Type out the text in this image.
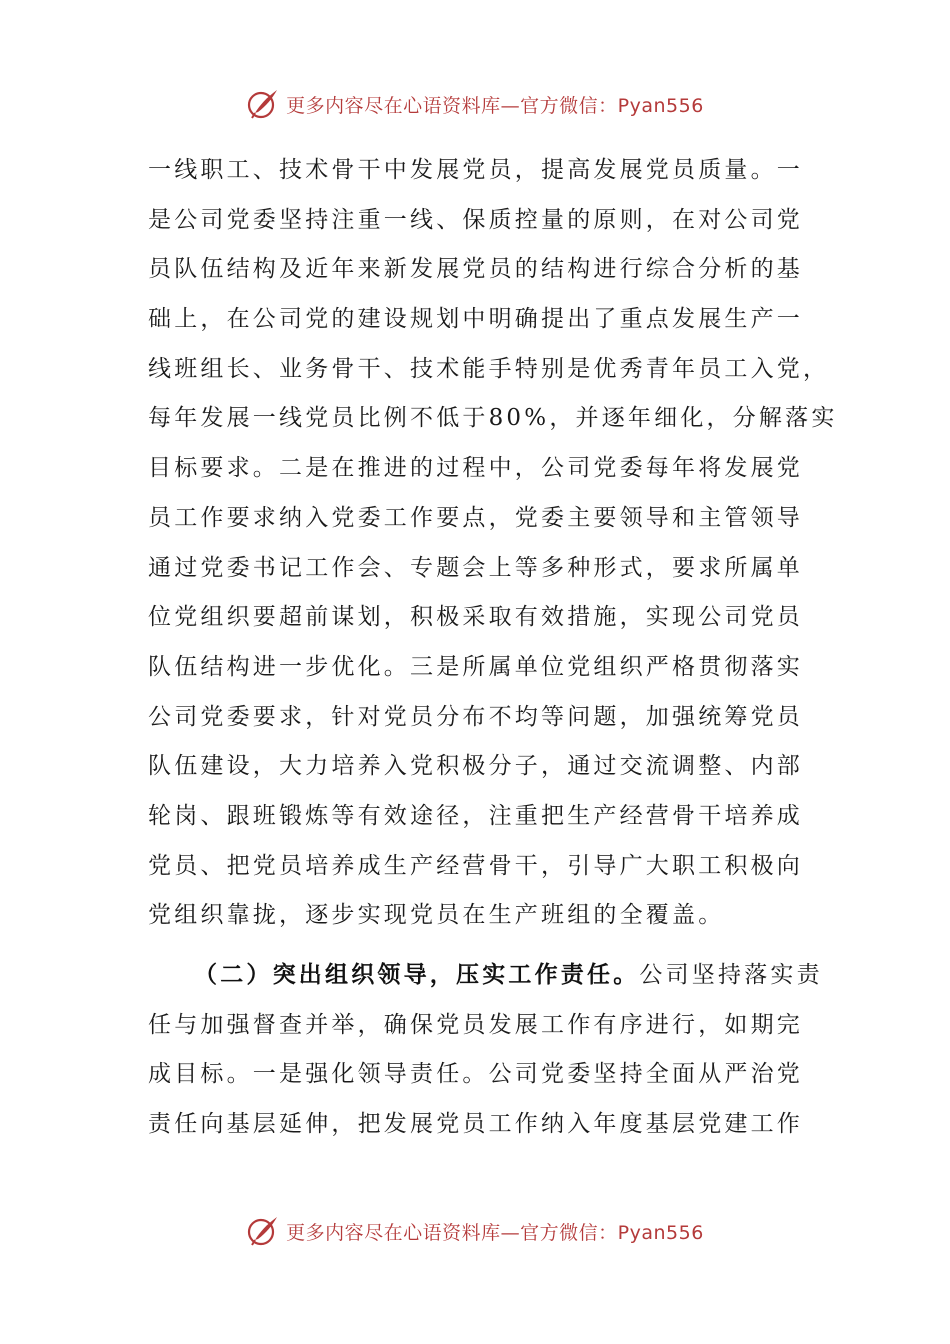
更多内容尽在心语资料库—官方微信：Pyan556
一线职工、技术骨干中发展党员，提高发展党员质量。一
是公司党委坚持注重一线、保质控量的原则，在对公司党
员队伍结构及近年来新发展党员的结构进行综合分析的基
础上，在公司党的建设规划中明确提出了重点发展生产一
线班组长、业务骨干、技术能手特别是优秀青年员工入党，
每年发展一线党员比例不低于80%，并逐年细化，分解落实
目标要求。二是在推进的过程中，公司党委每年将发展党
员工作要求纳入党委工作要点，党委主要领导和主管领导
通过党委书记工作会、专题会上等多种形式，要求所属单
位党组织要超前谋划，积极采取有效措施，实现公司党员
队伍结构进一步优化。三是所属单位党组织严格贯彻落实
公司党委要求，针对党员分布不均等问题，加强统筹党员
队伍建设，大力培养入党积极分子，通过交流调整、内部
轮岗、跟班锻炼等有效途径，注重把生产经营骨干培养成
党员、把党员培养成生产经营骨干，引导广大职工积极向
党组织靠拢，逐步实现党员在生产班组的全覆盖。
（二）突出组织领导，压实工作责任。公司坚持落实责
任与加强督查并举，确保党员发展工作有序进行，如期完
成目标。一是强化领导责任。公司党委坚持全面从严治党
责任向基层延伸，把发展党员工作纳入年度基层党建工作
更多内容尽在心语资料库—官方微信：Pyan556
